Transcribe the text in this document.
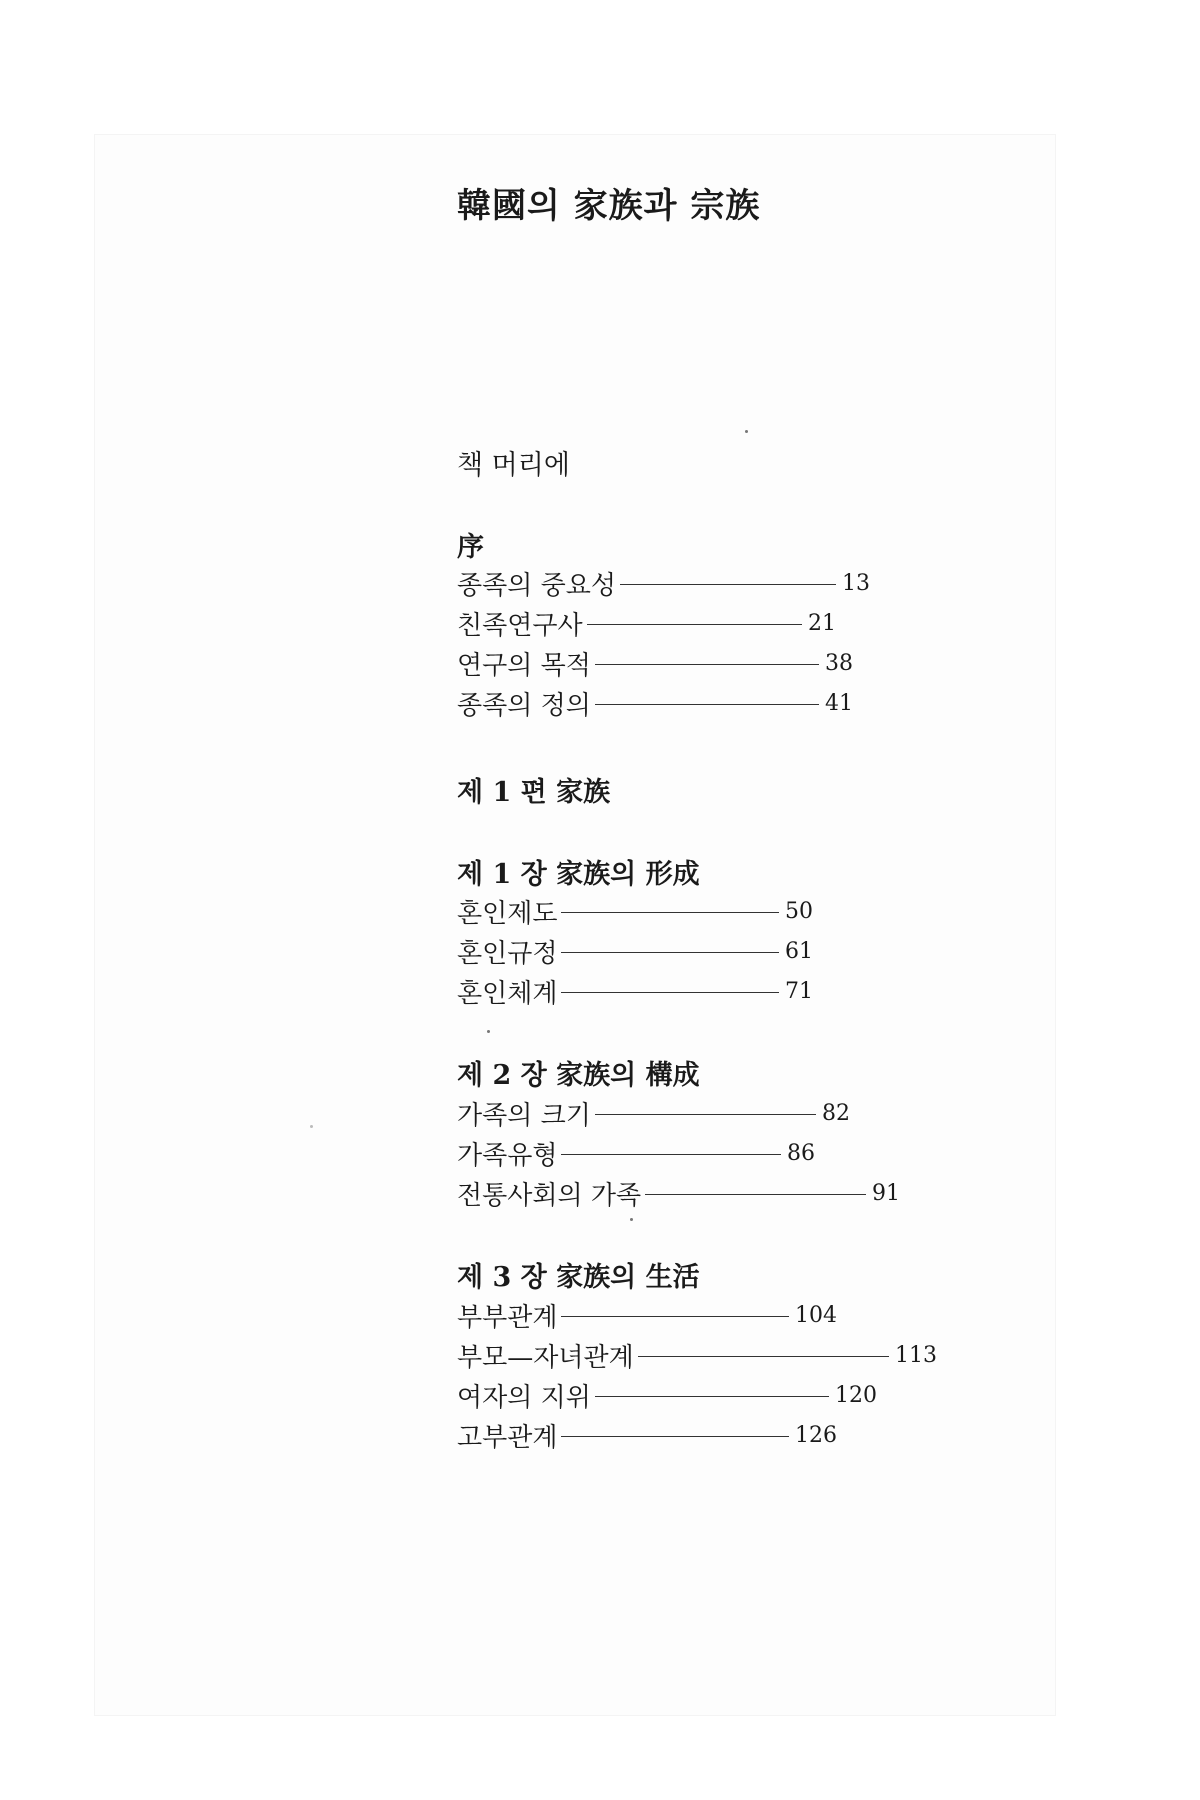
韓國의 家族과 宗族

책 머리에

序

종족의 중요성	13
친족연구사	21
연구의 목적	38
종족의 정의	41

제 1 편 家族

제 1 장 家族의 形成

혼인제도	50
혼인규정	61
혼인체계	71

제 2 장 家族의 構成

가족의 크기	82
가족유형	86
전통사회의 가족	91

제 3 장 家族의 生活

부부관계	104
부모—자녀관계	113
여자의 지위	120
고부관계	126
